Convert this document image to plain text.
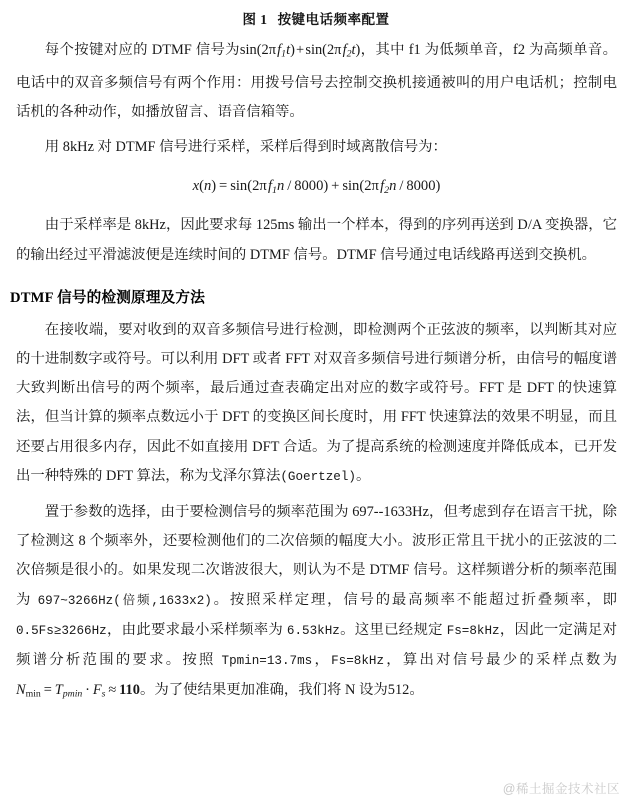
图 1 按键电话频率配置

每个按键对应的 DTMF 信号为sin(2π $f_1t$) + sin(2π $f_2t$)，其中 f1 为低频单音，f2 为高频单音。电话中的双音多频信号有两个作用：用拨号信号去控制交换机接通被叫的用户电话机；控制电话机的各种动作，如播放留言、语音信箱等。

用 8kHz 对 DTMF 信号进行采样，采样后得到时域离散信号为：

x(n) = sin(2π $f_1n / 8000) + \sin(2\pi$ $f_2n / 8000$)

由于采样率是 8kHz，因此要求每 125ms 输出一个样本，得到的序列再送到 D/A 变换器，它的输出经过平滑滤波便是连续时间的 DTMF 信号。DTMF 信号通过电话线路再送到交换机。

DTMF 信号的检测原理及方法

在接收端，要对收到的双音多频信号进行检测，即检测两个正弦波的频率，以判断其对应的十进制数字或符号。可以利用 DFT 或者 FFT 对双音多频信号进行频谱分析，由信号的幅度谱大致判断出信号的两个频率，最后通过查表确定出对应的数字或符号。FFT 是 DFT 的快速算法，但当计算的频率点数远小于 DFT 的变换区间长度时，用 FFT 快速算法的效果不明显，而且还要占用很多内存，因此不如直接用 DFT 合适。为了提高系统的检测速度并降低成本，已开发出一种特殊的 DFT 算法，称为戈泽尔算法(Goertzel)。

置于参数的选择，由于要检测信号的频率范围为 697--1633Hz，但考虑到存在语言干扰，除了检测这 8 个频率外，还要检测他们的二次倍频的幅度大小。波形正常且干扰小的正弦波的二次倍频是很小的。如果发现二次谐波很大，则认为不是 DTMF 信号。这样频谱分析的频率范围为 697~3266Hz(倍频,1633x2)。按照采样定理，信号的最高频率不能超过折叠频率，即 0.5Fs≥3266Hz，由此要求最小采样频率为 6.53kHz。这里已经规定 Fs=8kHz，因此一定满足对频谱分析范围的要求。按照 Tpmin=13.7ms，Fs=8kHz，算出对信号最少的采样点数为 $N_{min} = T_{pmin} \cdot F_s \approx 110$。为了使结果更加准确，我们将 N 设为512。

@稀土掘金技术社区
